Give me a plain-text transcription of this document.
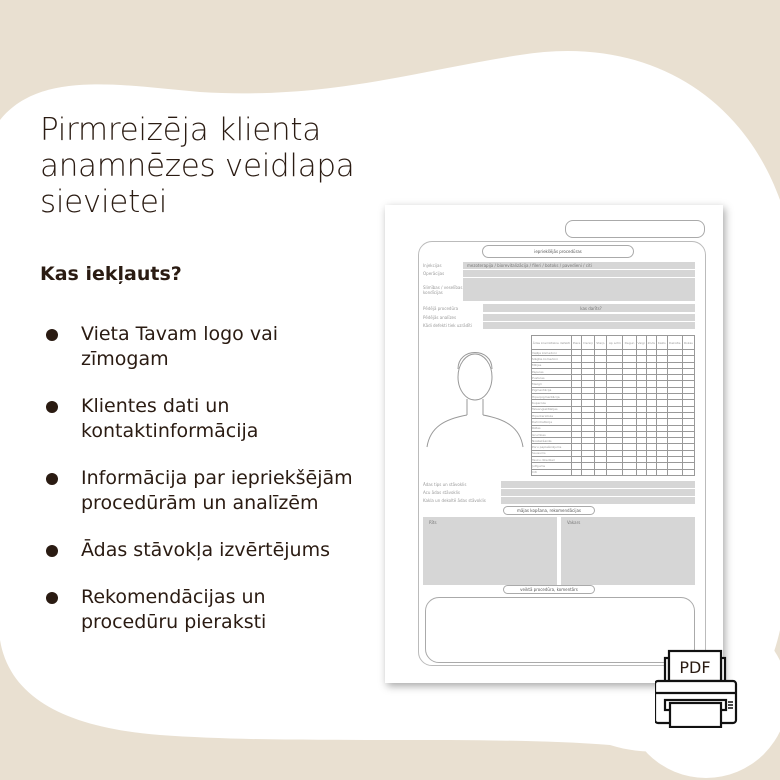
Pirmreizēja klienta anamnēzes veidlapa sievietei
Kas iekļauts?
Vieta Tavam logo vai zīmogam
Klientes dati un kontaktinformācija
Informācija par iepriekšējām procedūrām un analīzēm
Ādas stāvokļa izvērtējums
Rekomendācijas un procedūru pieraksti
iepriekšējās procedūras
Injekcijas	mezoterapija / biorevitalizācija / fileri / botoks / pavedieni / citi
Operācijas
Slimības / veselības kondīcijas
Pēdējā procedūra	kas darīts?
Pēdējās analīzes
Kādi defekti tiek uzrādīti
Ādas kosmētiskie defekti	Piere	Deniņi	Starp.	Ap acīm	Degun	Vaigi	Zods	Kakls	Dekolte	Rokas
Vaļēja komedoni										
Slēgtie komedoni										
Milijas										
Papulas										
Pustulas										
Mezgli										
Pigmentācija										
Hiperpigmentācija										
Kuperoze										
Teleangiektāzijas										
Hiperkeratoze										
Dehidratācija										
Rētas										
Grumbas										
Nosliekšanās										
Poru paplašinājums										
Sausums										
Tauku dziedzeri										
Jutīgums										
Citi										
Ādas tips un stāvoklis
Acu ādas stāvoklis
Kakla un dekoltē ādas stāvoklis
mājas kopšana, rekomendācijas
Rīts	Vakars
veiktā procedūra, komentārs
PDF
